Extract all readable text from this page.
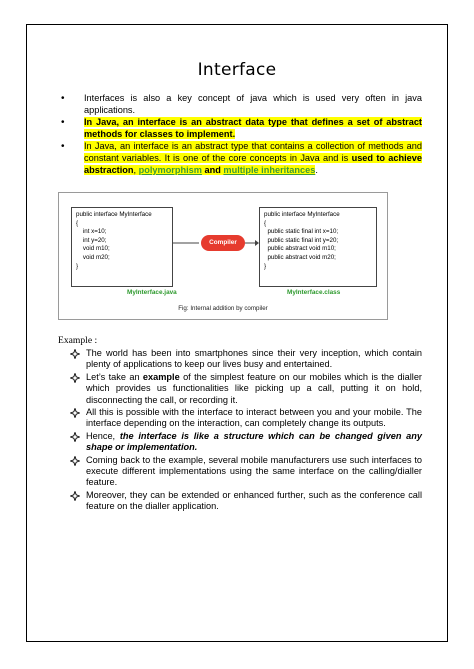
Interface
• Interfaces is also a key concept of java which is used very often in java applications.
• In Java, an interface is an abstract data type that defines a set of abstract methods for classes to implement.
• In Java, an interface is an abstract type that contains a collection of methods and constant variables. It is one of the core concepts in Java and is used to achieve abstraction, polymorphism and multiple inheritances.
public interface MyInterface
{
int x=10;
int y=20;
void m10;
void m20;
}
Compiler
public interface MyInterface
{
public static final int x=10;
public static final int y=20;
public abstract void m10;
public abstract void m20;
}
MyInterface.java	MyInterface.class
Fig: Internal addition by compiler
Example :
The world has been into smartphones since their very inception, which contain plenty of applications to keep our lives busy and entertained.
Let’s take an example of the simplest feature on our mobiles which is the dialler which provides us functionalities like picking up a call, putting it on hold, disconnecting the call, or recording it.
All this is possible with the interface to interact between you and your mobile. The interface depending on the interaction, can completely change its outputs.
Hence, the interface is like a structure which can be changed given any shape or implementation.
Coming back to the example, several mobile manufacturers use such interfaces to execute different implementations using the same interface on the calling/dialler feature.
Moreover, they can be extended or enhanced further, such as the conference call feature on the dialler application.
